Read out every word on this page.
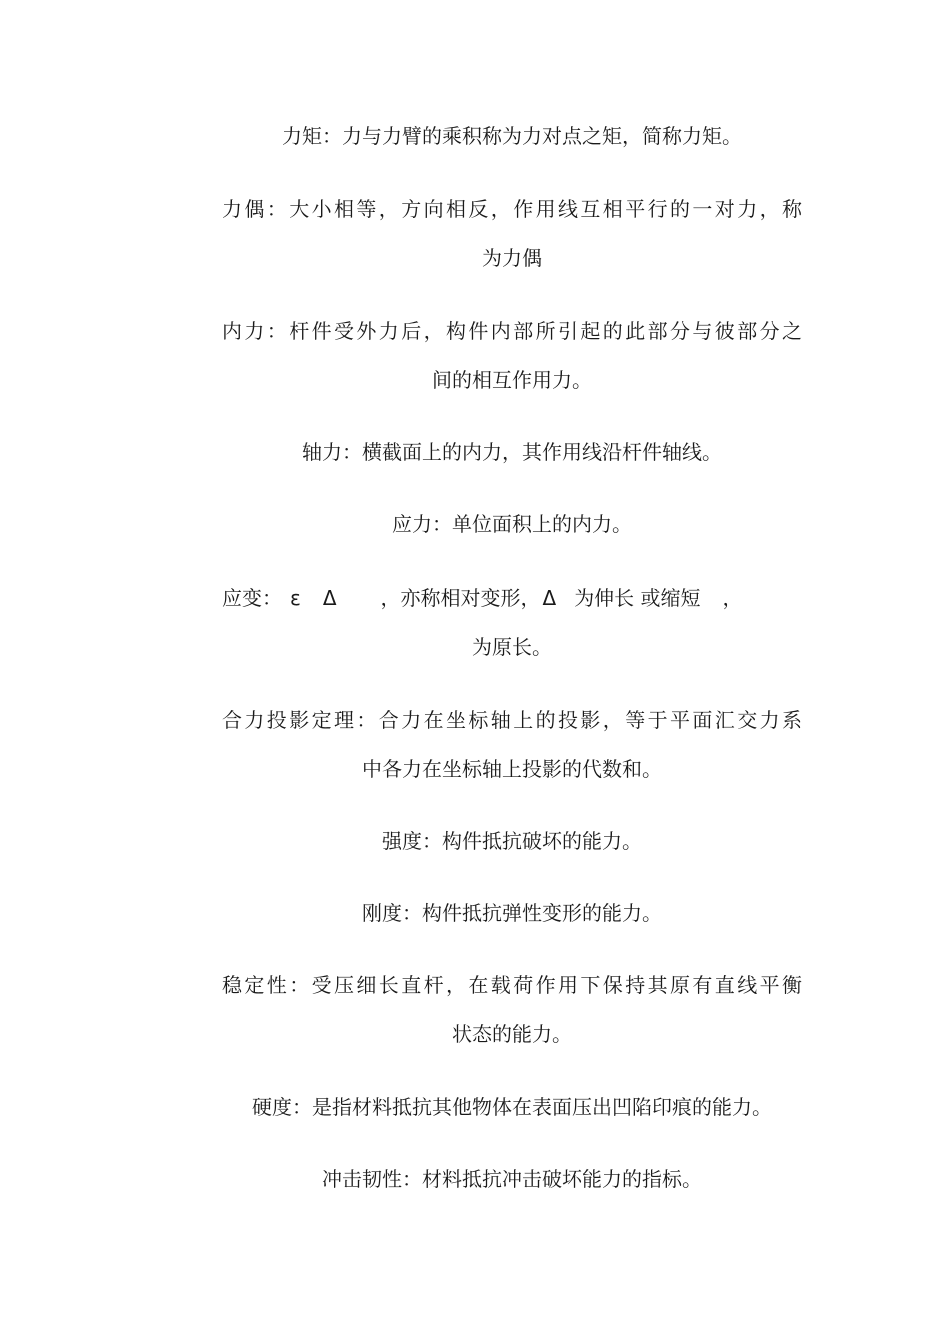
力矩：力与力臂的乘积称为力对点之矩，简称力矩。
力偶：大小相等，方向相反，作用线互相平行的一对力，称
为力偶
内力：杆件受外力后，构件内部所引起的此部分与彼部分之
间的相互作用力。
轴力：横截面上的内力，其作用线沿杆件轴线。
应力：单位面积上的内力。
应变： ε Δ ，亦称相对变形， Δ 为伸长 或缩短 ，
为原长。
合力投影定理：合力在坐标轴上的投影，等于平面汇交力系
中各力在坐标轴上投影的代数和。
强度：构件抵抗破坏的能力。
刚度：构件抵抗弹性变形的能力。
稳定性：受压细长直杆，在载荷作用下保持其原有直线平衡
状态的能力。
硬度：是指材料抵抗其他物体在表面压出凹陷印痕的能力。
冲击韧性：材料抵抗冲击破坏能力的指标。
